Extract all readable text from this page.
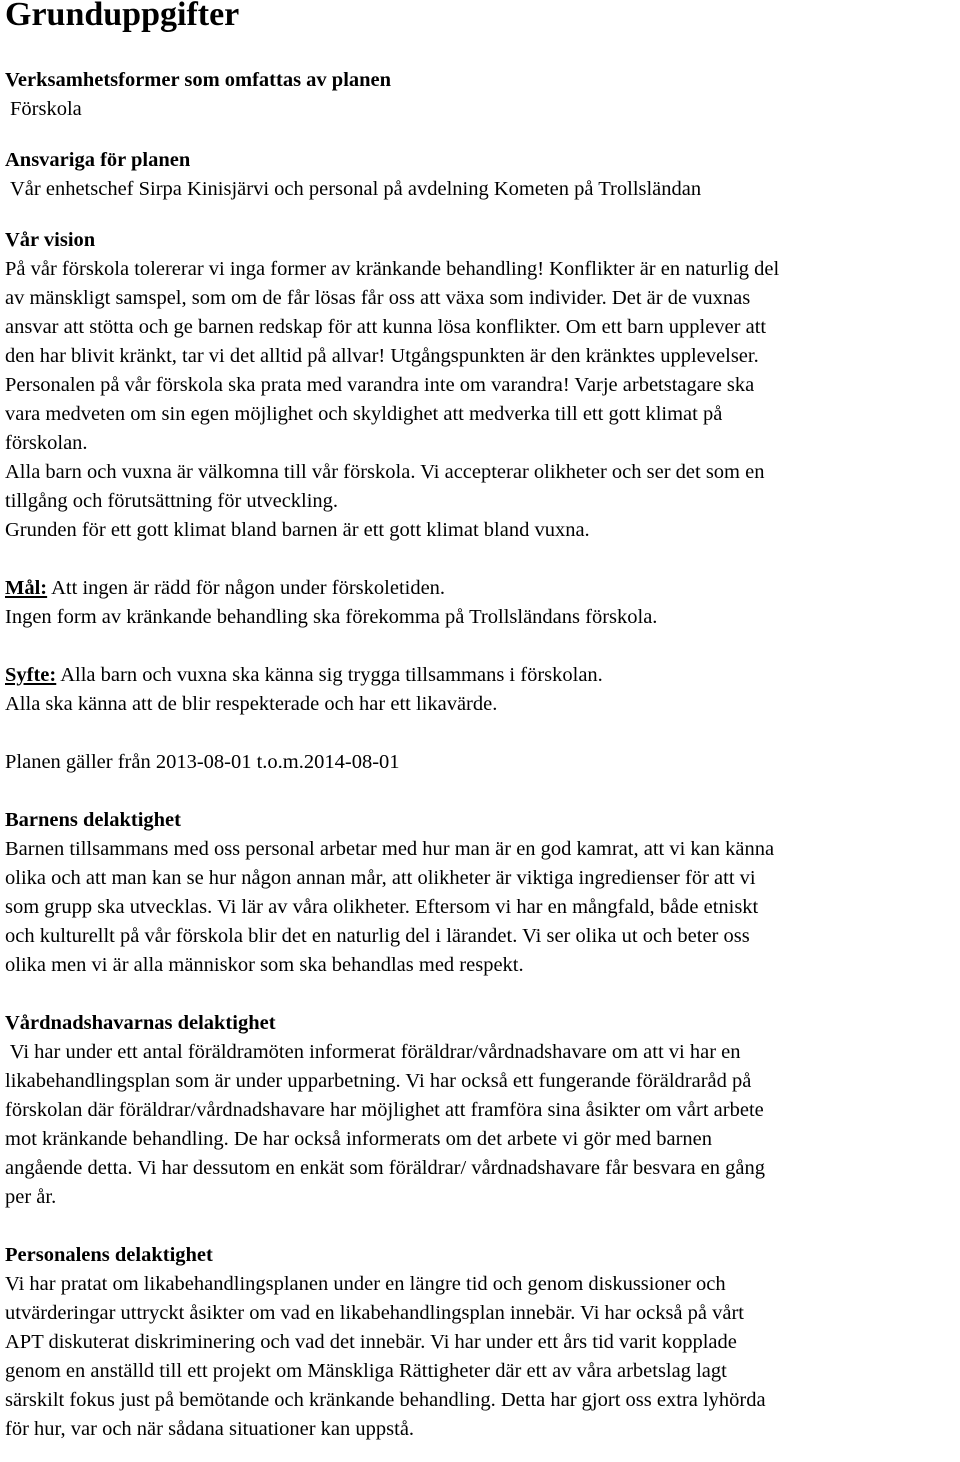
Grunduppgifter
Verksamhetsformer som omfattas av planen
Förskola
Ansvariga för planen
Vår enhetschef Sirpa Kinisjärvi och personal på avdelning Kometen på Trollsländan
Vår vision
På vår förskola tolererar vi inga former av kränkande behandling! Konflikter är en naturlig del
av mänskligt samspel, som om de får lösas får oss att växa som individer. Det är de vuxnas
ansvar att stötta och ge barnen redskap för att kunna lösa konflikter. Om ett barn upplever att
den har blivit kränkt, tar vi det alltid på allvar! Utgångspunkten är den kränktes upplevelser.
Personalen på vår förskola ska prata med varandra inte om varandra! Varje arbetstagare ska
vara medveten om sin egen möjlighet och skyldighet att medverka till ett gott klimat på
förskolan.
Alla barn och vuxna är välkomna till vår förskola. Vi accepterar olikheter och ser det som en
tillgång och förutsättning för utveckling.
Grunden för ett gott klimat bland barnen är ett gott klimat bland vuxna.
Mål: Att ingen är rädd för någon under förskoletiden.
Ingen form av kränkande behandling ska förekomma på Trollsländans förskola.
Syfte: Alla barn och vuxna ska känna sig trygga tillsammans i förskolan.
Alla ska känna att de blir respekterade och har ett likavärde.
Planen gäller från 2013-08-01 t.o.m.2014-08-01
Barnens delaktighet
Barnen tillsammans med oss personal arbetar med hur man är en god kamrat, att vi kan känna
olika och att man kan se hur någon annan mår, att olikheter är viktiga ingredienser för att vi
som grupp ska utvecklas. Vi lär av våra olikheter. Eftersom vi har en mångfald, både etniskt
och kulturellt på vår förskola blir det en naturlig del i lärandet. Vi ser olika ut och beter oss
olika men vi är alla människor som ska behandlas med respekt.
Vårdnadshavarnas delaktighet
Vi har under ett antal föräldramöten informerat föräldrar/vårdnadshavare om att vi har en
likabehandlingsplan som är under upparbetning. Vi har också ett fungerande föräldraråd på
förskolan där föräldrar/vårdnadshavare har möjlighet att framföra sina åsikter om vårt arbete
mot kränkande behandling. De har också informerats om det arbete vi gör med barnen
angående detta. Vi har dessutom en enkät som föräldrar/ vårdnadshavare får besvara en gång
per år.
Personalens delaktighet
Vi har pratat om likabehandlingsplanen under en längre tid och genom diskussioner och
utvärderingar uttryckt åsikter om vad en likabehandlingsplan innebär. Vi har också på vårt
APT diskuterat diskriminering och vad det innebär. Vi har under ett års tid varit kopplade
genom en anställd till ett projekt om Mänskliga Rättigheter där ett av våra arbetslag lagt
särskilt fokus just på bemötande och kränkande behandling. Detta har gjort oss extra lyhörda
för hur, var och när sådana situationer kan uppstå.
